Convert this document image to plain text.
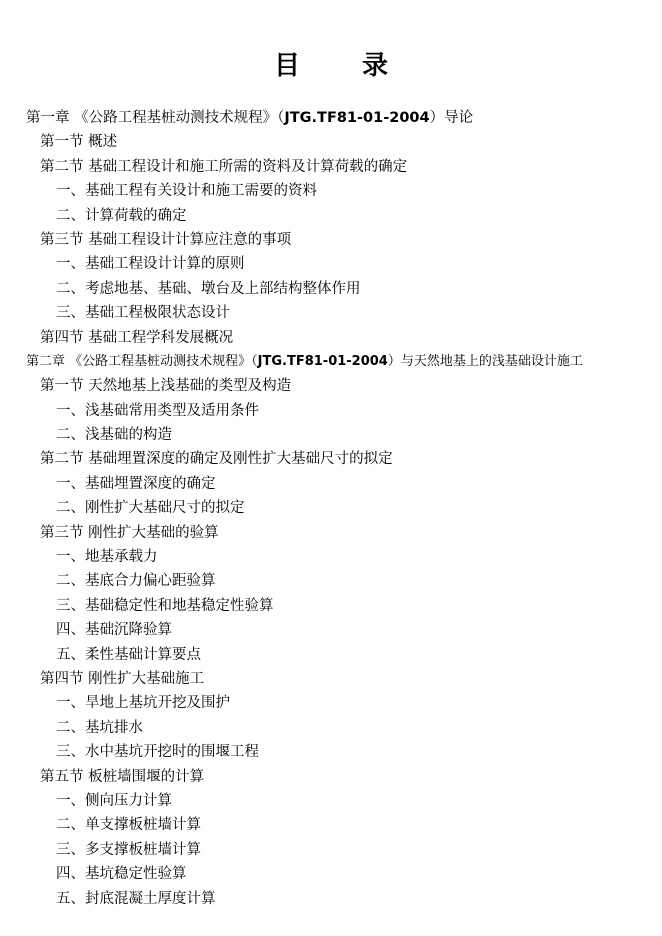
目　录
第一章 《公路工程基桩动测技术规程》（JTG.TF81-01-2004）导论
第一节 概述
第二节 基础工程设计和施工所需的资料及计算荷载的确定
一、基础工程有关设计和施工需要的资料
二、计算荷载的确定
第三节 基础工程设计计算应注意的事项
一、基础工程设计计算的原则
二、考虑地基、基础、墩台及上部结构整体作用
三、基础工程极限状态设计
第四节 基础工程学科发展概况
第二章 《公路工程基桩动测技术规程》（JTG.TF81-01-2004）与天然地基上的浅基础设计施工
第一节 天然地基上浅基础的类型及构造
一、浅基础常用类型及适用条件
二、浅基础的构造
第二节 基础埋置深度的确定及刚性扩大基础尺寸的拟定
一、基础埋置深度的确定
二、刚性扩大基础尺寸的拟定
第三节 刚性扩大基础的验算
一、地基承载力
二、基底合力偏心距验算
三、基础稳定性和地基稳定性验算
四、基础沉降验算
五、柔性基础计算要点
第四节 刚性扩大基础施工
一、旱地上基坑开挖及围护
二、基坑排水
三、水中基坑开挖时的围堰工程
第五节 板桩墙围堰的计算
一、侧向压力计算
二、单支撑板桩墙计算
三、多支撑板桩墙计算
四、基坑稳定性验算
五、封底混凝土厚度计算
